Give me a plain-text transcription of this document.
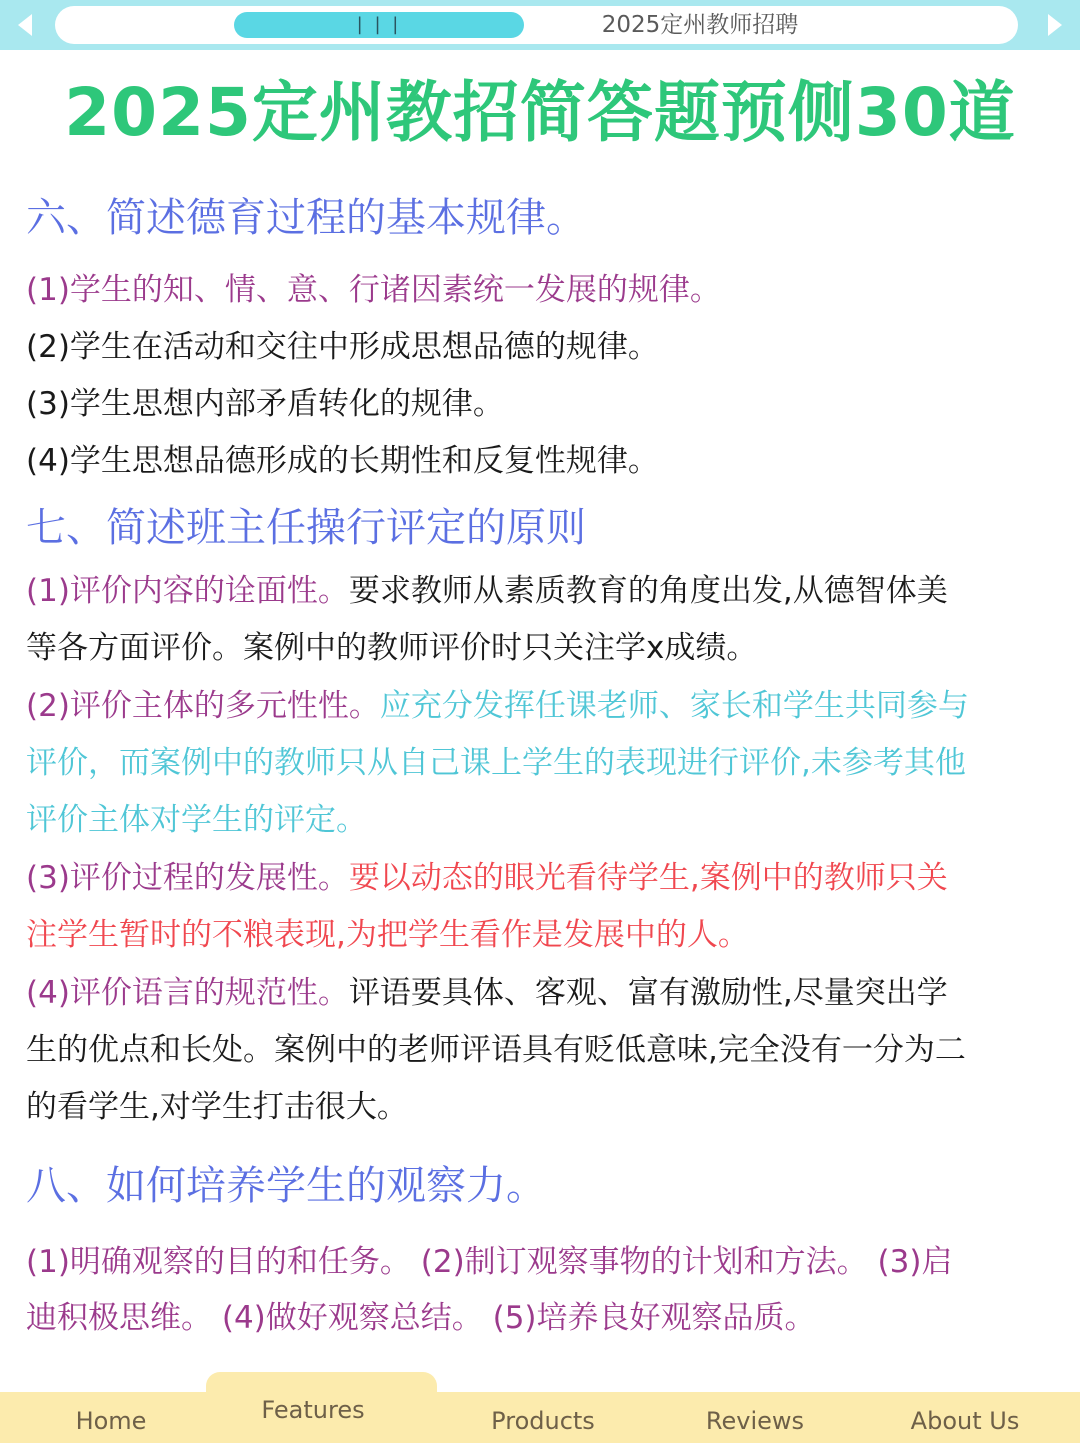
| | |	2025定州教师招聘
2025定州教招简答题预侧30道
六、简述德育过程的基本规律。
(1)学生的知、情、意、行诸因素统一发展的规律。
(2)学生在活动和交往中形成思想品德的规律。
(3)学生思想内部矛盾转化的规律。
(4)学生思想品德形成的长期性和反复性规律。
七、简述班主任操行评定的原则
(1)评价内容的诠面性。要求教师从素质教育的角度出发,从德智体美
等各方面评价。案例中的教师评价时只关注学x成绩。
(2)评价主体的多元性性。应充分发挥任课老师、家长和学生共同参与
评价，而案例中的教师只从自己课上学生的表现进行评价,未参考其他
评价主体对学生的评定。
(3)评价过程的发展性。要以动态的眼光看待学生,案例中的教师只关
注学生暂时的不粮表现,为把学生看作是发展中的人。
(4)评价语言的规范性。评语要具体、客观、富有激励性,尽量突出学
生的优点和长处。案例中的老师评语具有贬低意味,完全没有一分为二
的看学生,对学生打击很大。
八、如何培养学生的观察力。
(1)明确观察的目的和任务。 (2)制订观察事物的计划和方法。 (3)启
迪积极思维。 (4)做好观察总结。 (5)培养良好观察品质。
Home	Features	Products	Reviews	About Us
